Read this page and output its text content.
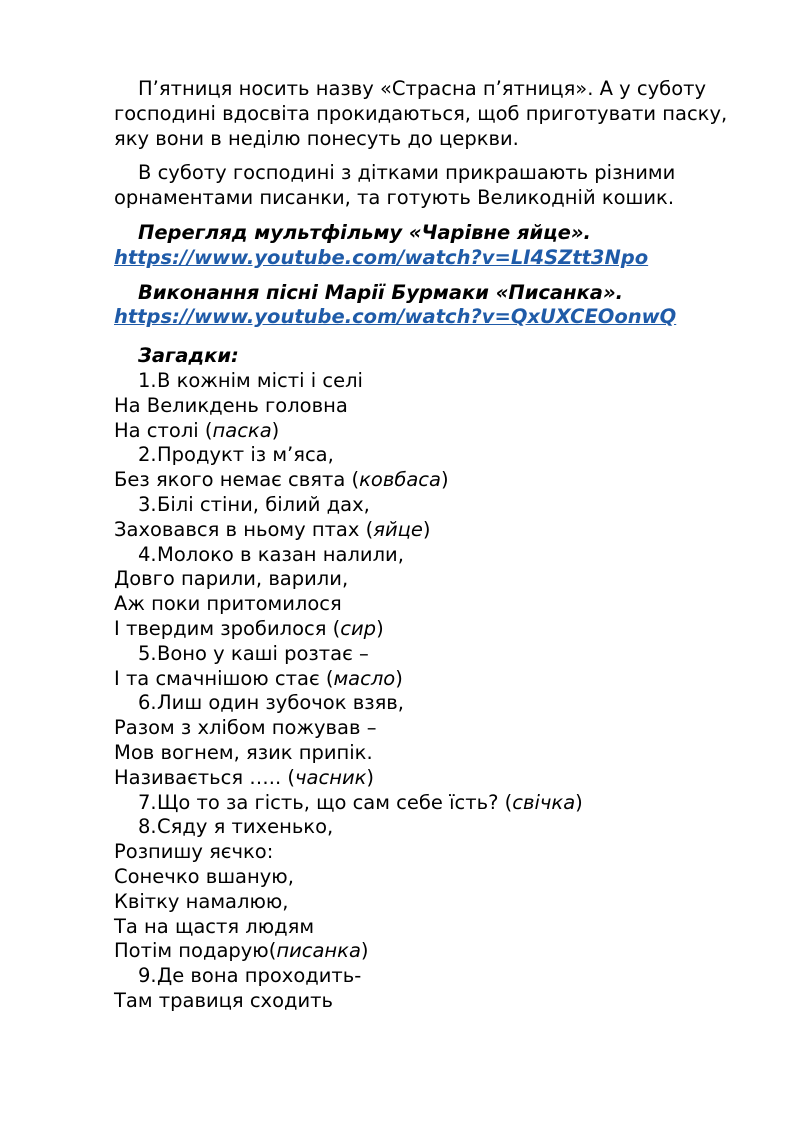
П’ятниця носить назву «Страсна п’ятниця». А у суботу господині вдосвіта прокидаються, щоб приготувати паску, яку вони в неділю понесуть до церкви.

В суботу господині з дітками прикрашають різними орнаментами писанки, та готують Великодній кошик.

Перегляд мультфільму «Чарівне яйце».

https://www.youtube.com/watch?v=LI4SZtt3Npo

Виконання пісні Марії Бурмаки «Писанка».

https://www.youtube.com/watch?v=QxUXCEOonwQ

Загадки:

1.В кожнім місті і селі

На Великдень головна

На столі (паска)

2.Продукт із м’яса,

Без якого немає свята (ковбаса)

3.Білі стіни, білий дах,

Заховався в ньому птах (яйце)

4.Молоко в казан налили,

Довго парили, варили,

Аж поки притомилося

І твердим зробилося (сир)

5.Воно у каші розтає –

І та смачнішою стає (масло)

6.Лиш один зубочок взяв,

Разом з хлібом пожував –

Мов вогнем, язик припік.

Називається ….. (часник)

7.Що то за гість, що сам себе їсть? (свічка)

8.Сяду я тихенько,

Розпишу яєчко:

Сонечко вшаную,

Квітку намалюю,

Та на щастя людям

Потім подарую(писанка)

9.Де вона проходить-

Там травиця сходить
